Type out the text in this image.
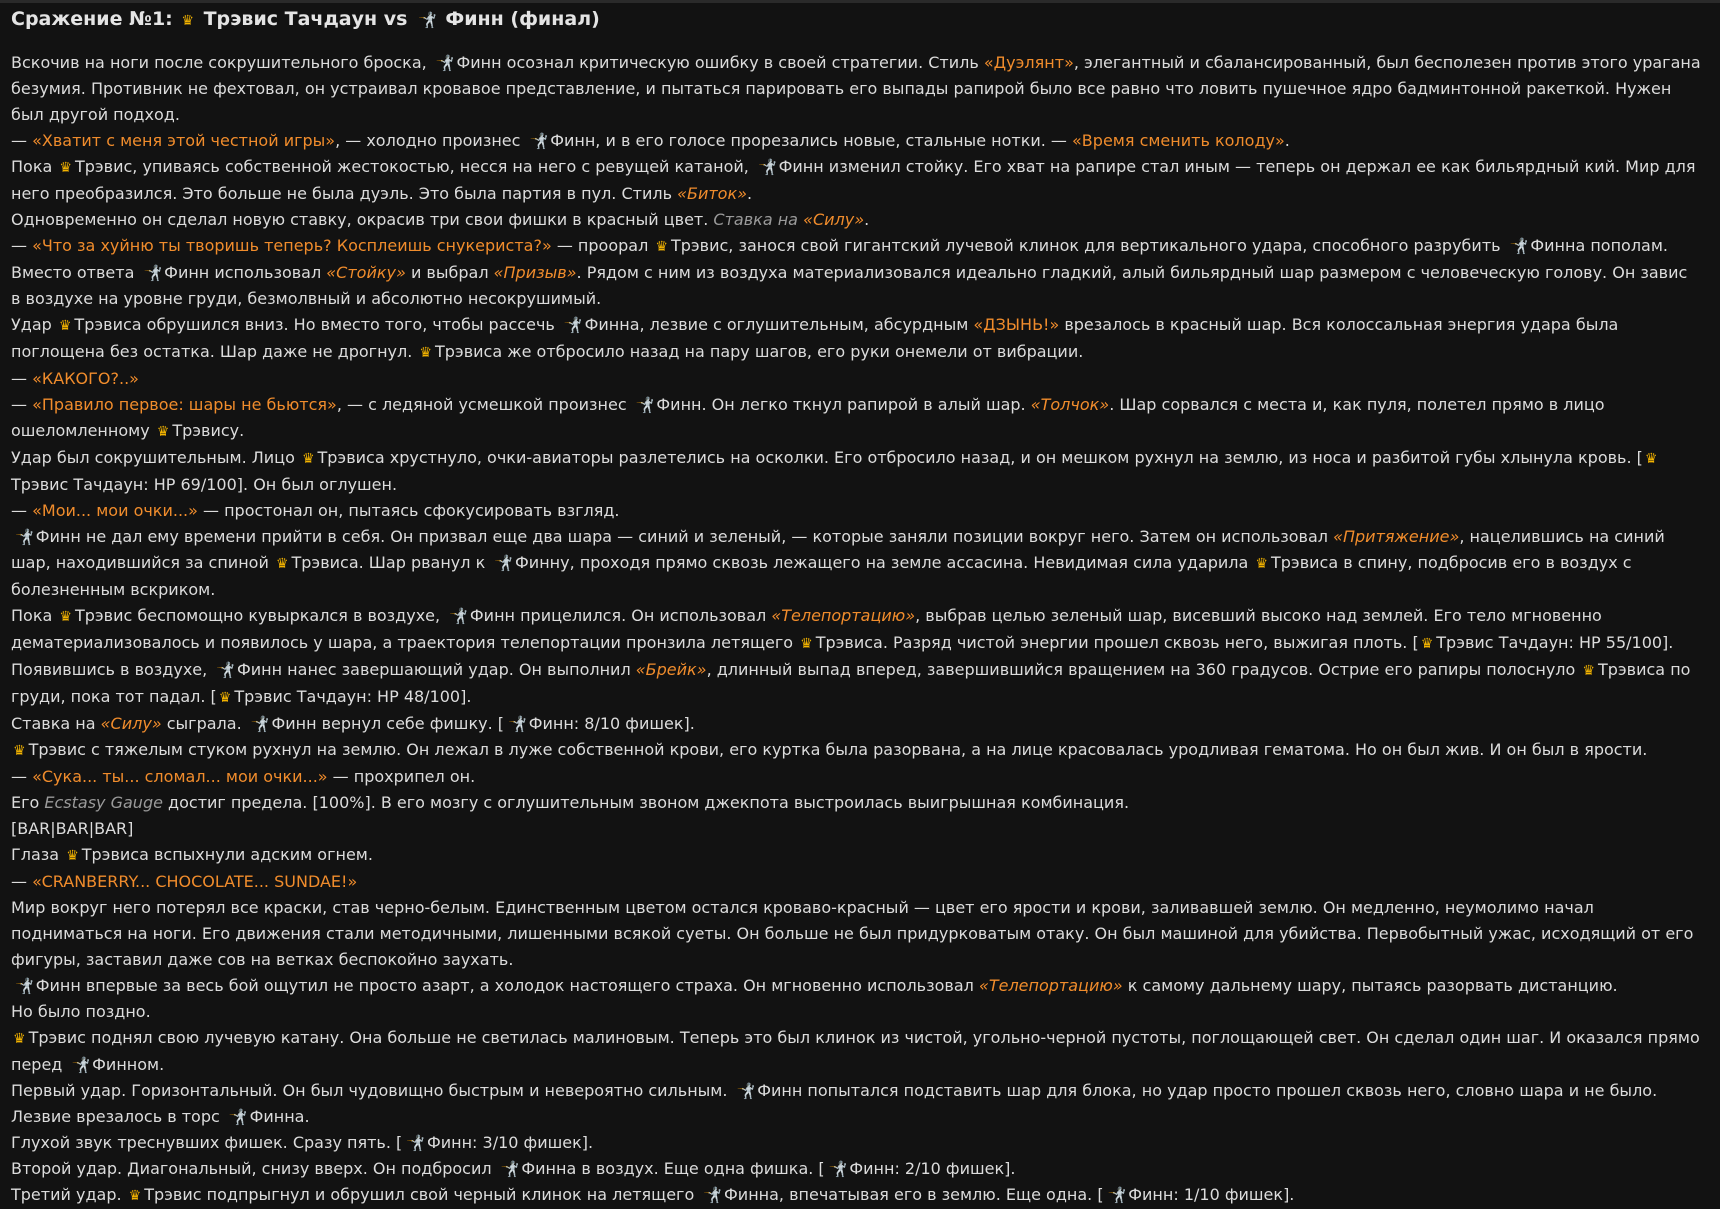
Сражение №1: ♛ Трэвис Тачдаун vs 🤺 Финн (финал)

Вскочив на ноги после сокрушительного броска, 🤺 Финн осознал критическую ошибку в своей стратегии. Стиль «Дуэлянт», элегантный и сбалансированный, был бесполезен против этого урагана безумия. Противник не фехтовал, он устраивал кровавое представление, и пытаться парировать его выпады рапирой было все равно что ловить пушечное ядро бадминтонной ракеткой. Нужен был другой подход.

— «Хватит с меня этой честной игры», — холодно произнес 🤺 Финн, и в его голосе прорезались новые, стальные нотки. — «Время сменить колоду».

Пока ♛ Трэвис, упиваясь собственной жестокостью, несся на него с ревущей катаной, 🤺 Финн изменил стойку. Его хват на рапире стал иным — теперь он держал ее как бильярдный кий. Мир для него преобразился. Это больше не была дуэль. Это была партия в пул. Стиль «Биток».

Одновременно он сделал новую ставку, окрасив три свои фишки в красный цвет. Ставка на «Силу».

— «Что за хуйню ты творишь теперь? Косплеишь снукериста?» — проорал ♛ Трэвис, занося свой гигантский лучевой клинок для вертикального удара, способного разрубить 🤺 Финна пополам.

Вместо ответа 🤺 Финн использовал «Стойку» и выбрал «Призыв». Рядом с ним из воздуха материализовался идеально гладкий, алый бильярдный шар размером с человеческую голову. Он завис в воздухе на уровне груди, безмолвный и абсолютно несокрушимый.

Удар ♛ Трэвиса обрушился вниз. Но вместо того, чтобы рассечь 🤺 Финна, лезвие с оглушительным, абсурдным «ДЗЫНЬ!» врезалось в красный шар. Вся колоссальная энергия удара была поглощена без остатка. Шар даже не дрогнул. ♛ Трэвиса же отбросило назад на пару шагов, его руки онемели от вибрации.

— «КАКОГО?..»

— «Правило первое: шары не бьются», — с ледяной усмешкой произнес 🤺 Финн. Он легко ткнул рапирой в алый шар. «Толчок». Шар сорвался с места и, как пуля, полетел прямо в лицо ошеломленному ♛ Трэвису.

Удар был сокрушительным. Лицо ♛ Трэвиса хрустнуло, очки-авиаторы разлетелись на осколки. Его отбросило назад, и он мешком рухнул на землю, из носа и разбитой губы хлынула кровь. [ ♛Трэвис Тачдаун: HP 69/100]. Он был оглушен.

— «Мои... мои очки...» — простонал он, пытаясь сфокусировать взгляд.

🤺 Финн не дал ему времени прийти в себя. Он призвал еще два шара — синий и зеленый, — которые заняли позиции вокруг него. Затем он использовал «Притяжение», нацелившись на синий шар, находившийся за спиной ♛ Трэвиса. Шар рванул к 🤺 Финну, проходя прямо сквозь лежащего на земле ассасина. Невидимая сила ударила ♛ Трэвиса в спину, подбросив его в воздух с болезненным вскриком.

Пока ♛ Трэвис беспомощно кувыркался в воздухе, 🤺 Финн прицелился. Он использовал «Телепортацию», выбрав целью зеленый шар, висевший высоко над землей. Его тело мгновенно дематериализовалось и появилось у шара, а траектория телепортации пронзила летящего ♛ Трэвиса. Разряд чистой энергии прошел сквозь него, выжигая плоть. [ ♛ Трэвис Тачдаун: HP 55/100]. Появившись в воздухе, 🤺 Финн нанес завершающий удар. Он выполнил «Брейк», длинный выпад вперед, завершившийся вращением на 360 градусов. Острие его рапиры полоснуло ♛ Трэвиса по груди, пока тот падал. [ ♛ Трэвис Тачдаун: HP 48/100].

Ставка на «Силу» сыграла. 🤺 Финн вернул себе фишку. [ 🤺 Финн: 8/10 фишек].

♛ Трэвис с тяжелым стуком рухнул на землю. Он лежал в луже собственной крови, его куртка была разорвана, а на лице красовалась уродливая гематома. Но он был жив. И он был в ярости.

— «Сука... ты... сломал... мои очки...» — прохрипел он.

Его Ecstasy Gauge достиг предела. [100%]. В его мозгу с оглушительным звоном джекпота выстроилась выигрышная комбинация.

[BAR|BAR|BAR]

Глаза ♛ Трэвиса вспыхнули адским огнем.

— «CRANBERRY... CHOCOLATE... SUNDAE!»

Мир вокруг него потерял все краски, став черно-белым. Единственным цветом остался кроваво-красный — цвет его ярости и крови, заливавшей землю. Он медленно, неумолимо начал подниматься на ноги. Его движения стали методичными, лишенными всякой суеты. Он больше не был придурковатым отаку. Он был машиной для убийства. Первобытный ужас, исходящий от его фигуры, заставил даже сов на ветках беспокойно заухать.

🤺 Финн впервые за весь бой ощутил не просто азарт, а холодок настоящего страха. Он мгновенно использовал «Телепортацию» к самому дальнему шару, пытаясь разорвать дистанцию.

Но было поздно.

♛ Трэвис поднял свою лучевую катану. Она больше не светилась малиновым. Теперь это был клинок из чистой, угольно-черной пустоты, поглощающей свет. Он сделал один шаг. И оказался прямо перед 🤺 Финном.

Первый удар. Горизонтальный. Он был чудовищно быстрым и невероятно сильным. 🤺 Финн попытался подставить шар для блока, но удар просто прошел сквозь него, словно шара и не было. Лезвие врезалось в торс 🤺 Финна.

Глухой звук треснувших фишек. Сразу пять. [ 🤺 Финн: 3/10 фишек].

Второй удар. Диагональный, снизу вверх. Он подбросил 🤺 Финна в воздух. Еще одна фишка. [ 🤺 Финн: 2/10 фишек].

Третий удар. ♛ Трэвис подпрыгнул и обрушил свой черный клинок на летящего 🤺 Финна, впечатывая его в землю. Еще одна. [ 🤺 Финн: 1/10 фишек].
